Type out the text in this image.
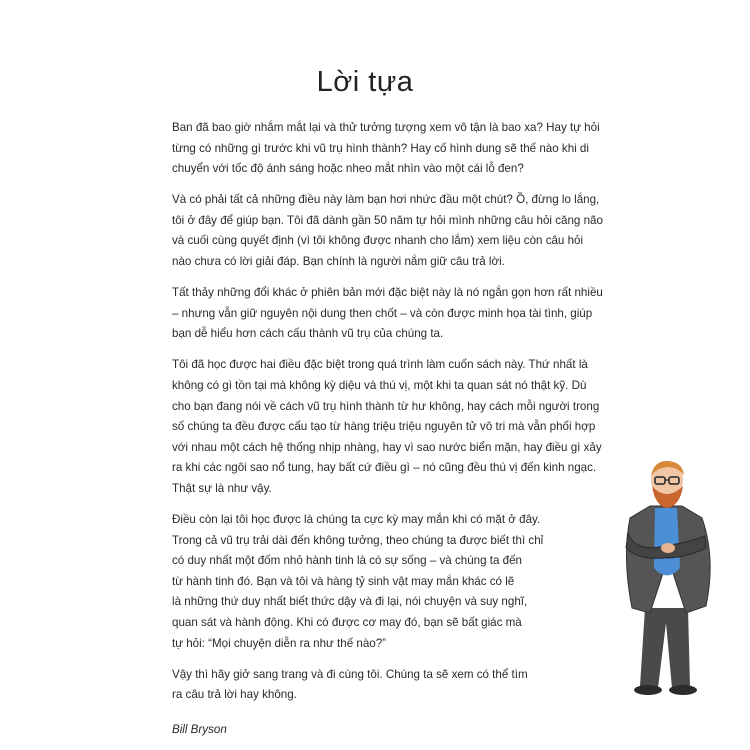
Lời tựa

Ban đã bao giờ nhắm mắt lại và thử tưởng tượng xem vô tận là bao xa? Hay tự hỏi
từng có những gì trước khi vũ trụ hình thành? Hay cố hình dung sẽ thế nào khi di
chuyển với tốc độ ánh sáng hoặc nheo mắt nhìn vào một cái lỗ đen?

Và có phải tất cả những điều này làm bạn hơi nhức đầu một chút? Ồ, đừng lo lắng,
tôi ở đây để giúp bạn. Tôi đã dành gần 50 năm tự hỏi mình những câu hỏi căng não
và cuối cùng quyết định (vì tôi không được nhanh cho lắm) xem liệu còn câu hỏi
nào chưa có lời giải đáp. Bạn chính là người nắm giữ câu trả lời.

Tất thảy những đổi khác ở phiên bản mới đặc biệt này là nó ngắn gọn hơn rất nhiều
– nhưng vẫn giữ nguyên nội dung then chốt – và còn được minh họa tài tình, giúp
bạn dễ hiểu hơn cách cấu thành vũ trụ của chúng ta.

Tôi đã học được hai điều đặc biệt trong quá trình làm cuốn sách này. Thứ nhất là
không có gì tồn tại mà không kỳ diệu và thú vị, một khi ta quan sát nó thật kỹ. Dù
cho bạn đang nói về cách vũ trụ hình thành từ hư không, hay cách mỗi người trong
số chúng ta đều được cấu tạo từ hàng triệu triệu nguyên tử vô tri mà vẫn phối hợp
với nhau một cách hệ thống nhịp nhàng, hay vì sao nước biển mặn, hay điều gì xảy
ra khi các ngôi sao nổ tung, hay bất cứ điều gì – nó cũng đều thú vị đến kinh ngạc.
Thật sự là như vậy.

Điều còn lại tôi học được là chúng ta cực kỳ may mắn khi có mặt ở đây.
Trong cả vũ trụ trải dài đến không tưởng, theo chúng ta được biết thì chỉ
có duy nhất một đốm nhỏ hành tinh là có sự sống – và chúng ta đến
từ hành tinh đó. Bạn và tôi và hàng tỷ sinh vật may mắn khác có lẽ
là những thứ duy nhất biết thức dậy và đi lại, nói chuyện và suy nghĩ,
quan sát và hành động. Khi có được cơ may đó, bạn sẽ bất giác mà
tự hỏi: “Mọi chuyện diễn ra như thế nào?”

Vậy thì hãy giở sang trang và đi cùng tôi. Chúng ta sẽ xem có thể tìm
ra câu trả lời hay không.

Bill Bryson
